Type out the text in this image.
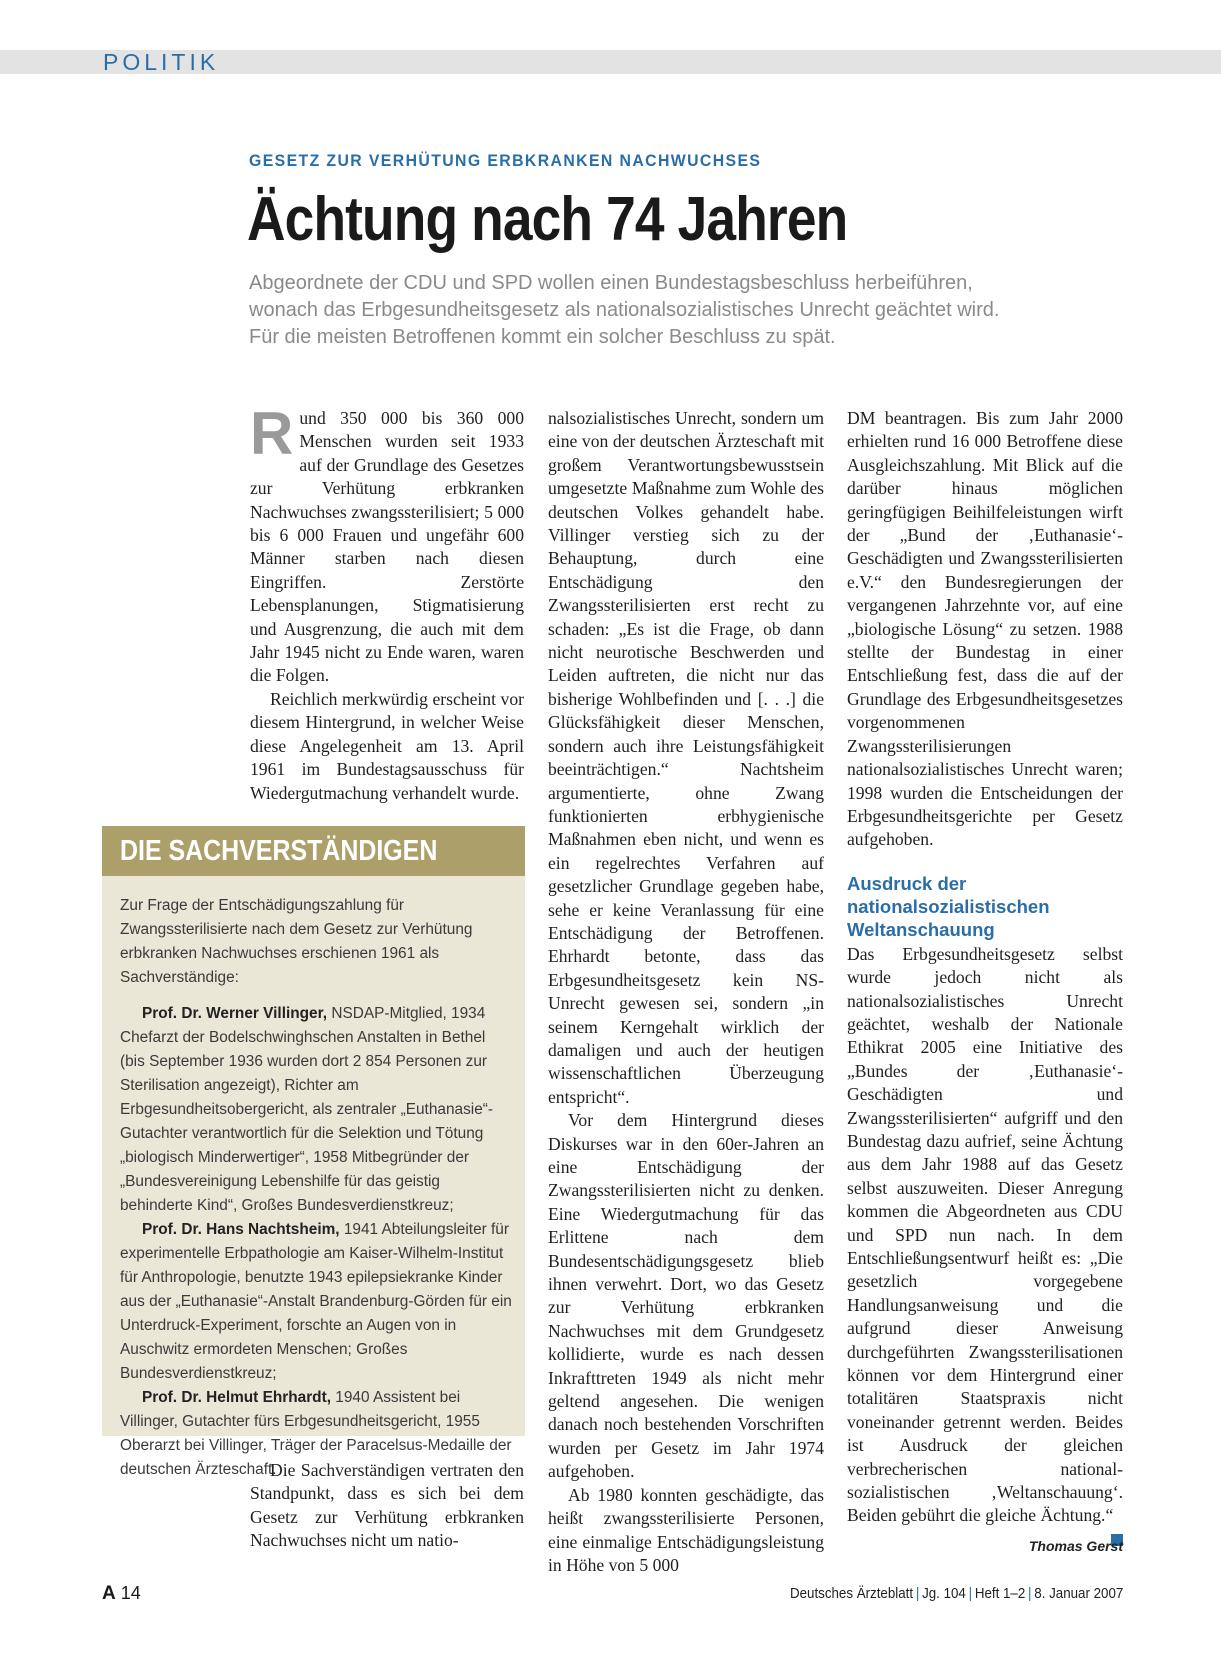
POLITIK
GESETZ ZUR VERHÜTUNG ERBKRANKEN NACHWUCHSES
Ächtung nach 74 Jahren
Abgeordnete der CDU und SPD wollen einen Bundestagsbeschluss herbeiführen,
wonach das Erbgesundheitsgesetz als nationalsozialistisches Unrecht geächtet wird.
Für die meisten Betroffenen kommt ein solcher Beschluss zu spät.

Rund 350 000 bis 360 000 Menschen wurden seit 1933 auf der Grundlage des Gesetzes zur Verhütung erbkranken Nachwuchses zwangssterilisiert; 5 000 bis 6 000 Frauen und ungefähr 600 Männer starben nach diesen Eingriffen. Zerstörte Lebensplanungen, Stigmatisierung und Ausgrenzung, die auch mit dem Jahr 1945 nicht zu Ende waren, waren die Folgen.

Reichlich merkwürdig erscheint vor diesem Hintergrund, in welcher Weise diese Angelegenheit am 13. April 1961 im Bundestagsausschuss für Wiedergutmachung verhandelt wurde.

DIE SACHVERSTÄNDIGEN

Zur Frage der Entschädigungszahlung für Zwangssterilisierte nach dem Gesetz zur Verhütung erbkranken Nachwuchses erschienen 1961 als Sachverständige:

Prof. Dr. Werner Villinger, NSDAP-Mitglied, 1934 Chefarzt der Bodelschwinghschen Anstalten in Bethel (bis September 1936 wurden dort 2 854 Personen zur Sterilisation angezeigt), Richter am Erbgesundheitsobergericht, als zentraler „Euthanasie“-Gutachter verantwortlich für die Selektion und Tötung „biologisch Minderwertiger“, 1958 Mitbegründer der „Bundesvereinigung Lebenshilfe für das geistig behinderte Kind“, Großes Bundesverdienstkreuz;

Prof. Dr. Hans Nachtsheim, 1941 Abteilungsleiter für experimentelle Erbpathologie am Kaiser-Wilhelm-Institut für Anthropologie, benutzte 1943 epilepsiekranke Kinder aus der „Euthanasie“-Anstalt Brandenburg-Görden für ein Unterdruck-Experiment, forschte an Augen von in Auschwitz ermordeten Menschen; Großes Bundesverdienstkreuz;

Prof. Dr. Helmut Ehrhardt, 1940 Assistent bei Villinger, Gutachter fürs Erbgesundheitsgericht, 1955 Oberarzt bei Villinger, Träger der Paracelsus-Medaille der deutschen Ärzteschaft.

Die Sachverständigen vertraten den Standpunkt, dass es sich bei dem Gesetz zur Verhütung erbkranken Nachwuchses nicht um natio-

nalsozialistisches Unrecht, sondern um eine von der deutschen Ärzteschaft mit großem Verantwortungsbewusstsein umgesetzte Maßnahme zum Wohle des deutschen Volkes gehandelt habe. Villinger verstieg sich zu der Behauptung, durch eine Entschädigung den Zwangssterilisierten erst recht zu schaden: „Es ist die Frage, ob dann nicht neurotische Beschwerden und Leiden auftreten, die nicht nur das bisherige Wohlbefinden und [. . .] die Glücksfähigkeit dieser Menschen, sondern auch ihre Leistungsfähigkeit beeinträchtigen.“ Nachtsheim argumentierte, ohne Zwang funktionierten erbhygienische Maßnahmen eben nicht, und wenn es ein regelrechtes Verfahren auf gesetzlicher Grundlage gegeben habe, sehe er keine Veranlassung für eine Entschädigung der Betroffenen. Ehrhardt betonte, dass das Erbgesundheitsgesetz kein NS-Unrecht gewesen sei, sondern „in seinem Kerngehalt wirklich der damaligen und auch der heutigen wissenschaftlichen Überzeugung entspricht“.

Vor dem Hintergrund dieses Diskurses war in den 60er-Jahren an eine Entschädigung der Zwangssterilisierten nicht zu denken. Eine Wiedergutmachung für das Erlittene nach dem Bundesentschädigungsgesetz blieb ihnen verwehrt. Dort, wo das Gesetz zur Verhütung erbkranken Nachwuchses mit dem Grundgesetz kollidierte, wurde es nach dessen Inkrafttreten 1949 als nicht mehr geltend angesehen. Die wenigen danach noch bestehenden Vorschriften wurden per Gesetz im Jahr 1974 aufgehoben.

Ab 1980 konnten geschädigte, das heißt zwangssterilisierte Personen, eine einmalige Entschädigungsleistung in Höhe von 5 000

DM beantragen. Bis zum Jahr 2000 erhielten rund 16 000 Betroffene diese Ausgleichszahlung. Mit Blick auf die darüber hinaus möglichen geringfügigen Beihilfeleistungen wirft der „Bund der ‚Euthanasie‘-Geschädigten und Zwangssterilisierten e.V.“ den Bundesregierungen der vergangenen Jahrzehnte vor, auf eine „biologische Lösung“ zu setzen. 1988 stellte der Bundestag in einer Entschließung fest, dass die auf der Grundlage des Erbgesundheitsgesetzes vorgenommenen Zwangssterilisierungen nationalsozialistisches Unrecht waren; 1998 wurden die Entscheidungen der Erbgesundheitsgerichte per Gesetz aufgehoben.

Ausdruck der nationalsozialistischen Weltanschauung

Das Erbgesundheitsgesetz selbst wurde jedoch nicht als nationalsozialistisches Unrecht geächtet, weshalb der Nationale Ethikrat 2005 eine Initiative des „Bundes der ‚Euthanasie‘-Geschädigten und Zwangssterilisierten“ aufgriff und den Bundestag dazu aufrief, seine Ächtung aus dem Jahr 1988 auf das Gesetz selbst auszuweiten. Dieser Anregung kommen die Abgeordneten aus CDU und SPD nun nach. In dem Entschließungsentwurf heißt es: „Die gesetzlich vorgegebene Handlungsanweisung und die aufgrund dieser Anweisung durchgeführten Zwangssterilisationen können vor dem Hintergrund einer totalitären Staatspraxis nicht voneinander getrennt werden. Beides ist Ausdruck der gleichen verbrecherischen national-sozialistischen ‚Weltanschauung‘. Beiden gebührt die gleiche Ächtung.“

Thomas Gerst
A 14	Deutsches Ärzteblatt | Jg. 104 | Heft 1–2 | 8. Januar 2007
